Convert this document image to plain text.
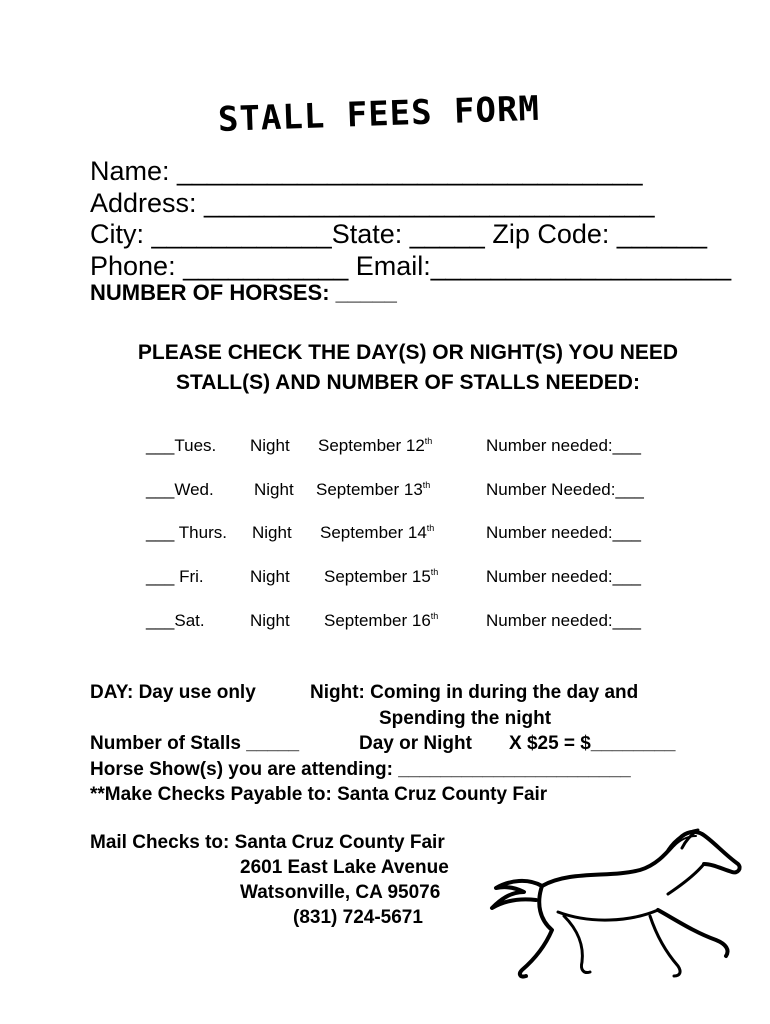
STALL FEES FORM
Name: _______________________________
Address: ______________________________
City: ____________State: _____ Zip Code: ______
Phone: ___________ Email:____________________
NUMBER OF HORSES: _____
PLEASE CHECK THE DAY(S) OR NIGHT(S) YOU NEED
STALL(S) AND NUMBER OF STALLS NEEDED:
___Tues. Night September 12th	Number needed:___
___Wed. Night September 13th	Number Needed:___
___ Thurs. Night September 14th	Number needed:___
___ Fri.	Night September 15th	Number needed:___
___Sat.	Night September 16th	Number needed:___
DAY: Day use only	Night: Coming in during the day and
Spending the night
Number of Stalls _____	Day or Night X $25 = $________
Horse Show(s) you are attending: ______________________
**Make Checks Payable to: Santa Cruz County Fair
Mail Checks to: Santa Cruz County Fair
2601 East Lake Avenue
Watsonville, CA 95076
(831) 724-5671
